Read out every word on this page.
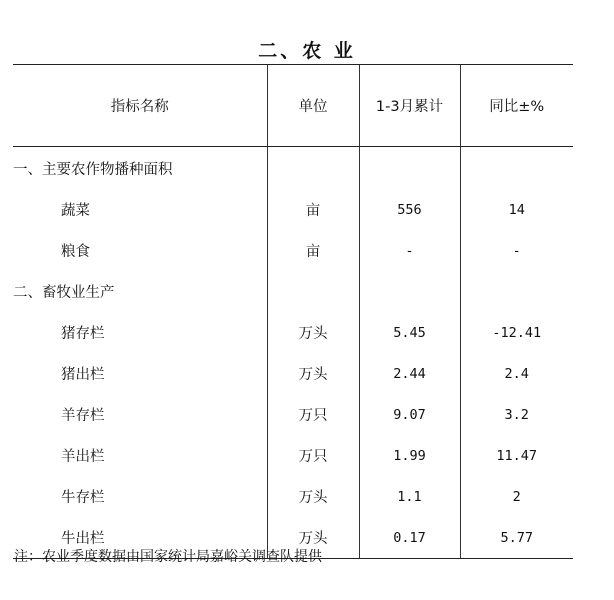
二、农 业
指标名称	单位	1-3月累计	同比±%
一、主要农作物播种面积			
蔬菜	亩	556	14
粮食	亩	-	-
二、畜牧业生产			
猪存栏	万头	5.45	-12.41
猪出栏	万头	2.44	2.4
羊存栏	万只	9.07	3.2
羊出栏	万只	1.99	11.47
牛存栏	万头	1.1	2
牛出栏	万头	0.17	5.77
注：农业季度数据由国家统计局嘉峪关调查队提供
